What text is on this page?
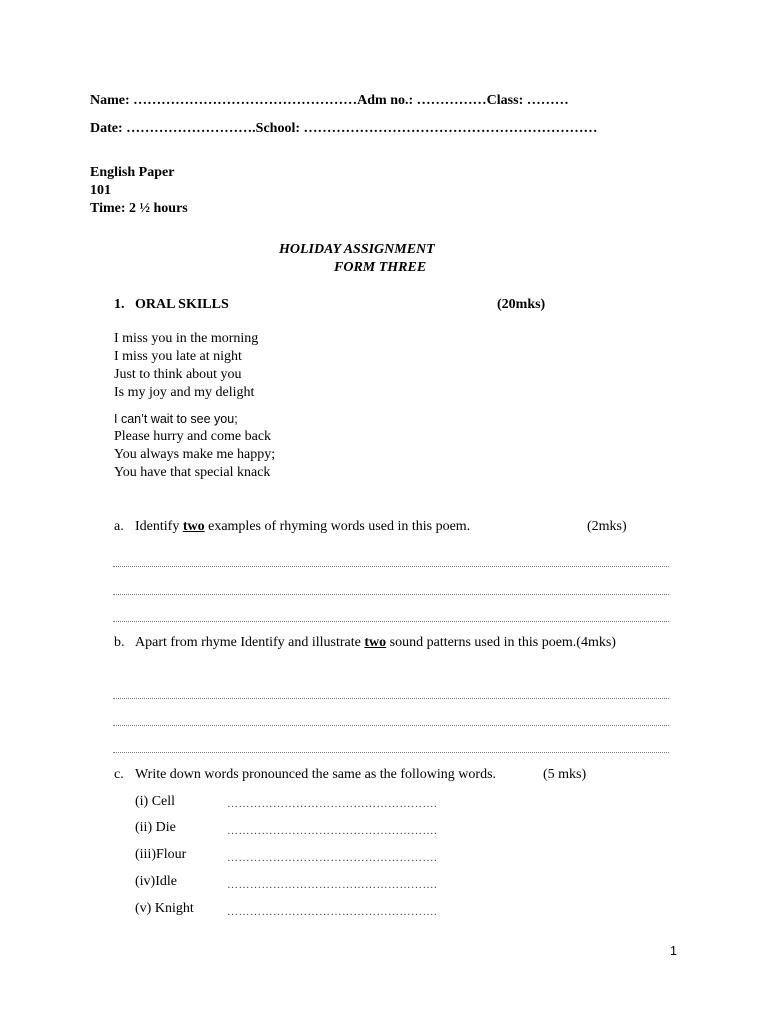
Name: …………………………………………Adm no.: ……………Class: ………
Date: ……………………….School: ………………………………………………………
English Paper
101
Time: 2 ½ hours
HOLIDAY ASSIGNMENT
FORM THREE
1. ORAL SKILLS	(20mks)
I miss you in the morning
I miss you late at night
Just to think about you
Is my joy and my delight
I can’t wait to see you;
Please hurry and come back
You always make me happy;
You have that special knack
a. Identify two examples of rhyming words used in this poem.	(2mks)
b. Apart from rhyme Identify and illustrate two sound patterns used in this poem.(4mks)
c. Write down words pronounced the same as the following words.	(5 mks)
(i) Cell	……………………………………………….
(ii) Die	……………………………………………….
(iii)Flour	……………………………………………….
(iv)Idle	……………………………………………….
(v) Knight	……………………………………………….
1
